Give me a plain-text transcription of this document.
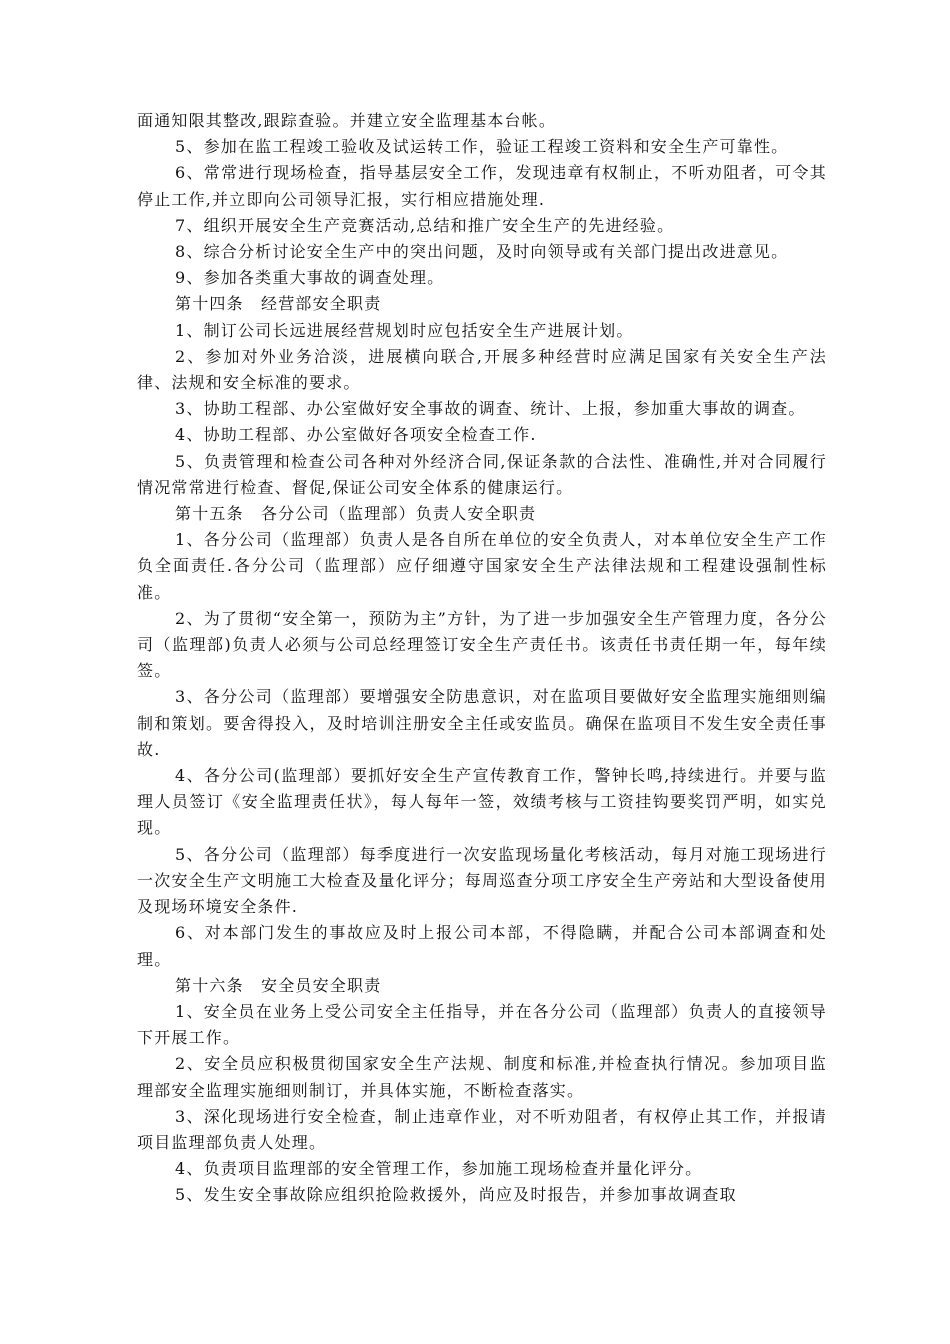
面通知限其整改,跟踪查验。并建立安全监理基本台帐。

5、参加在监工程竣工验收及试运转工作，验证工程竣工资料和安全生产可靠性。

6、常常进行现场检查，指导基层安全工作，发现违章有权制止，不听劝阻者，可令其停止工作,并立即向公司领导汇报，实行相应措施处理.

7、组织开展安全生产竞赛活动,总结和推广安全生产的先进经验。

8、综合分析讨论安全生产中的突出问题，及时向领导或有关部门提出改进意见。

9、参加各类重大事故的调查处理。

第十四条　经营部安全职责

1、制订公司长远进展经营规划时应包括安全生产进展计划。

2、参加对外业务洽淡，进展横向联合,开展多种经营时应满足国家有关安全生产法律、法规和安全标准的要求。

3、协助工程部、办公室做好安全事故的调查、统计、上报，参加重大事故的调查。

4、协助工程部、办公室做好各项安全检查工作.

5、负责管理和检查公司各种对外经济合同,保证条款的合法性、准确性,并对合同履行情况常常进行检查、督促,保证公司安全体系的健康运行。

第十五条　各分公司（监理部）负责人安全职责

1、各分公司（监理部）负责人是各自所在单位的安全负责人，对本单位安全生产工作负全面责任.各分公司（监理部）应仔细遵守国家安全生产法律法规和工程建设强制性标准。

2、为了贯彻“安全第一，预防为主”方针，为了进一步加强安全生产管理力度，各分公司（监理部)负责人必须与公司总经理签订安全生产责任书。该责任书责任期一年，每年续签。

3、各分公司（监理部）要增强安全防患意识，对在监项目要做好安全监理实施细则编制和策划。要舍得投入，及时培训注册安全主任或安监员。确保在监项目不发生安全责任事故.

4、各分公司(监理部）要抓好安全生产宣传教育工作，警钟长鸣,持续进行。并要与监理人员签订《安全监理责任状》，每人每年一签，效绩考核与工资挂钩要奖罚严明，如实兑现。

5、各分公司（监理部）每季度进行一次安监现场量化考核活动，每月对施工现场进行一次安全生产文明施工大检查及量化评分；每周巡查分项工序安全生产旁站和大型设备使用及现场环境安全条件.

6、对本部门发生的事故应及时上报公司本部，不得隐瞒，并配合公司本部调查和处理。

第十六条　安全员安全职责

1、安全员在业务上受公司安全主任指导，并在各分公司（监理部）负责人的直接领导下开展工作。

2、安全员应积极贯彻国家安全生产法规、制度和标准,并检查执行情况。参加项目监理部安全监理实施细则制订，并具体实施，不断检查落实。

3、深化现场进行安全检查，制止违章作业，对不听劝阻者，有权停止其工作，并报请项目监理部负责人处理。

4、负责项目监理部的安全管理工作，参加施工现场检查并量化评分。

5、发生安全事故除应组织抢险救援外，尚应及时报告，并参加事故调查取
